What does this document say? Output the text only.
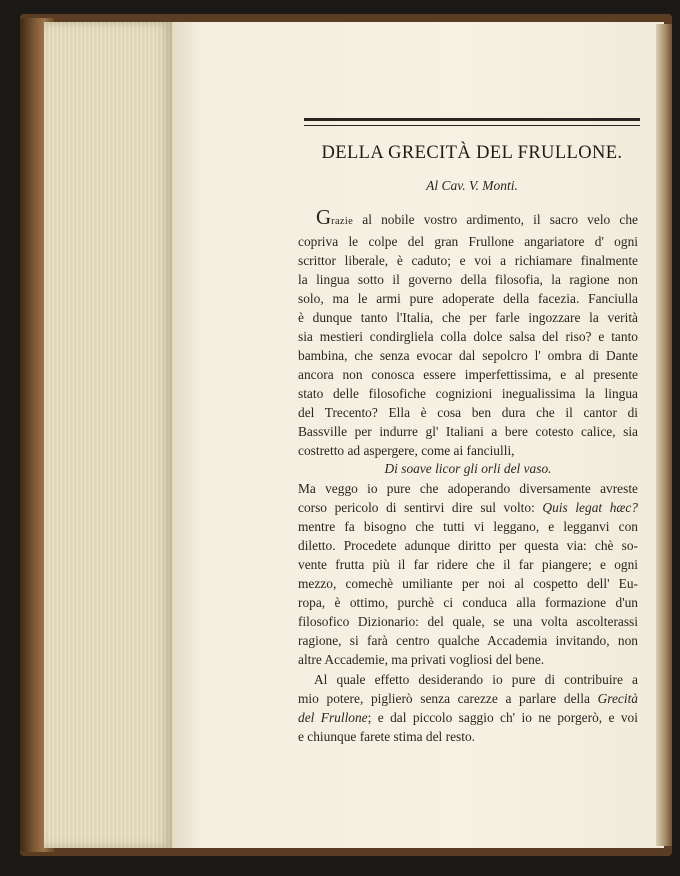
DELLA GRECITÀ DEL FRULLONE.
Al Cav. V. Monti.
Grazie al nobile vostro ardimento, il sacro velo che
copriva le colpe del gran Frullone angariatore d' ogni
scrittor liberale, è caduto; e voi a richiamare finalmente
la lingua sotto il governo della filosofia, la ragione non
solo, ma le armi pure adoperate della facezia. Fanciulla
è dunque tanto l'Italia, che per farle ingozzare la verità
sia mestieri condirgliela colla dolce salsa del riso? e tanto
bambina, che senza evocar dal sepolcro l' ombra di Dante
ancora non conosca essere imperfettissima, e al presente
stato delle filosofiche cognizioni inegualissima la lingua
del Trecento? Ella è cosa ben dura che il cantor di
Bassville per indurre gl' Italiani a bere cotesto calice, sia
costretto ad aspergere, come ai fanciulli,
Di soave licor gli orli del vaso.
Ma veggo io pure che adoperando diversamente avreste
corso pericolo di sentirvi dire sul volto: Quis legat hæc?
mentre fa bisogno che tutti vi leggano, e legganvi con
diletto. Procedete adunque diritto per questa via: chè so-
vente frutta più il far ridere che il far piangere; e ogni
mezzo, comechè umiliante per noi al cospetto dell' Eu-
ropa, è ottimo, purchè ci conduca alla formazione d'un
filosofico Dizionario: del quale, se una volta ascolterassi
ragione, si farà centro qualche Accademia invitando, non
altre Accademie, ma privati vogliosi del bene.
Al quale effetto desiderando io pure di contribuire a
mio potere, piglierò senza carezze a parlare della Grecità
del Frullone; e dal piccolo saggio ch' io ne porgerò, e voi
e chiunque farete stima del resto.
